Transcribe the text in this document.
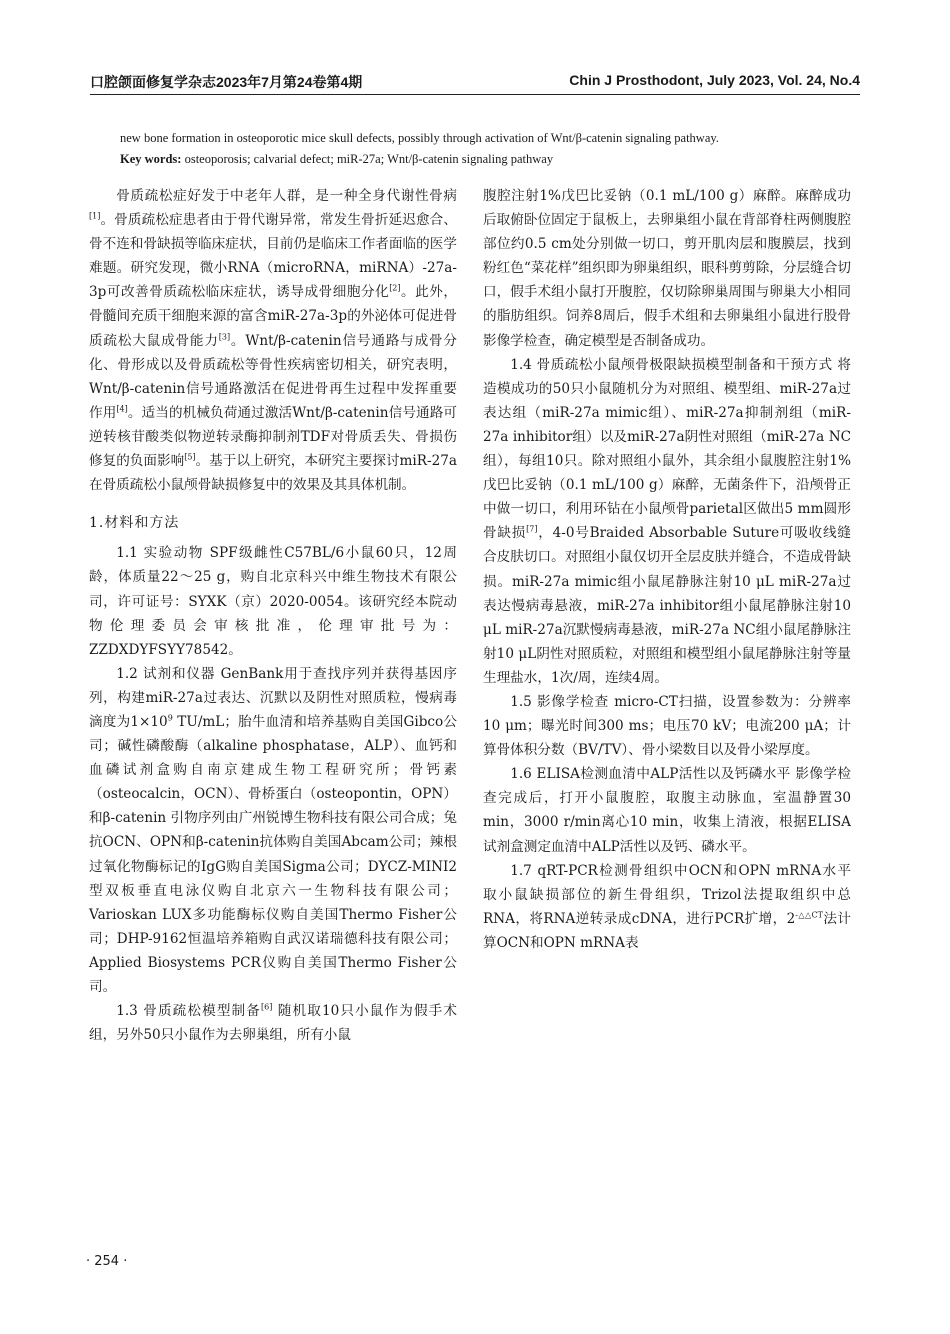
口腔颌面修复学杂志2023年7月第24卷第4期	Chin J Prosthodont, July 2023, Vol. 24, No.4

new bone formation in osteoporotic mice skull defects, possibly through activation of Wnt/β-catenin signaling pathway.

Key words: osteoporosis; calvarial defect; miR-27a; Wnt/β-catenin signaling pathway

骨质疏松症好发于中老年人群，是一种全身代谢性骨病[1]。骨质疏松症患者由于骨代谢异常，常发生骨折延迟愈合、骨不连和骨缺损等临床症状，目前仍是临床工作者面临的医学难题。研究发现，微小RNA（microRNA，miRNA）-27a-3p可改善骨质疏松临床症状，诱导成骨细胞分化[2]。此外，骨髓间充质干细胞来源的富含miR-27a-3p的外泌体可促进骨质疏松大鼠成骨能力[3]。Wnt/β-catenin信号通路与成骨分化、骨形成以及骨质疏松等骨性疾病密切相关，研究表明，Wnt/β-catenin信号通路激活在促进骨再生过程中发挥重要作用[4]。适当的机械负荷通过激活Wnt/β-catenin信号通路可逆转核苷酸类似物逆转录酶抑制剂TDF对骨质丢失、骨损伤修复的负面影响[5]。基于以上研究，本研究主要探讨miR-27a在骨质疏松小鼠颅骨缺损修复中的效果及其具体机制。

1.材料和方法

1.1 实验动物 SPF级雌性C57BL/6小鼠60只，12周龄，体质量22～25 g，购自北京科兴中维生物技术有限公司，许可证号：SYXK（京）2020-0054。该研究经本院动物伦理委员会审核批准，伦理审批号为：ZZDXDYFSYY78542。

1.2 试剂和仪器 GenBank用于查找序列并获得基因序列，构建miR-27a过表达、沉默以及阴性对照质粒，慢病毒滴度为$1\times 10^9$ TU/mL；胎牛血清和培养基购自美国Gibco公司；碱性磷酸酶（alkaline phosphatase，ALP）、血钙和血磷试剂盒购自南京建成生物工程研究所；骨钙素（osteocalcin，OCN）、骨桥蛋白（osteopontin，OPN）和β-catenin 引物序列由广州锐博生物科技有限公司合成；兔抗OCN、OPN和β-catenin抗体购自美国Abcam公司；辣根过氧化物酶标记的IgG购自美国Sigma公司；DYCZ-MINI2型双板垂直电泳仪购自北京六一生物科技有限公司；Varioskan LUX多功能酶标仪购自美国Thermo Fisher公司；DHP-9162恒温培养箱购自武汉诺瑞德科技有限公司；Applied Biosystems PCR仪购自美国Thermo Fisher公司。

1.3 骨质疏松模型制备[6] 随机取10只小鼠作为假手术组，另外50只小鼠作为去卵巢组，所有小鼠

腹腔注射1%戊巴比妥钠（0.1 mL/100 g）麻醉。麻醉成功后取俯卧位固定于鼠板上，去卵巢组小鼠在背部脊柱两侧腹腔部位约0.5 cm处分别做一切口，剪开肌肉层和腹膜层，找到粉红色“菜花样”组织即为卵巢组织，眼科剪剪除，分层缝合切口，假手术组小鼠打开腹腔，仅切除卵巢周围与卵巢大小相同的脂肪组织。饲养8周后，假手术组和去卵巢组小鼠进行股骨影像学检查，确定模型是否制备成功。

1.4 骨质疏松小鼠颅骨极限缺损模型制备和干预方式 将造模成功的50只小鼠随机分为对照组、模型组、miR-27a过表达组（miR-27a mimic组）、miR-27a抑制剂组（miR-27a inhibitor组）以及miR-27a阴性对照组（miR-27a NC组），每组10只。除对照组小鼠外，其余组小鼠腹腔注射1%戊巴比妥钠（0.1 mL/100 g）麻醉，无菌条件下，沿颅骨正中做一切口，利用环钻在小鼠颅骨parietal区做出5 mm圆形骨缺损[7]，4-0号Braided Absorbable Suture可吸收线缝合皮肤切口。对照组小鼠仅切开全层皮肤并缝合，不造成骨缺损。miR-27a mimic组小鼠尾静脉注射10 μL miR-27a过表达慢病毒悬液，miR-27a inhibitor组小鼠尾静脉注射10 μL miR-27a沉默慢病毒悬液，miR-27a NC组小鼠尾静脉注射10 μL阴性对照质粒，对照组和模型组小鼠尾静脉注射等量生理盐水，1次/周，连续4周。

1.5 影像学检查 micro-CT扫描，设置参数为：分辨率10 μm；曝光时间300 ms；电压70 kV；电流200 μA；计算骨体积分数（BV/TV）、骨小梁数目以及骨小梁厚度。

1.6 ELISA检测血清中ALP活性以及钙磷水平 影像学检查完成后，打开小鼠腹腔，取腹主动脉血，室温静置30 min，3000 r/min离心10 min，收集上清液，根据ELISA试剂盒测定血清中ALP活性以及钙、磷水平。

1.7 qRT-PCR检测骨组织中OCN和OPN mRNA水平 取小鼠缺损部位的新生骨组织，Trizol法提取组织中总RNA，将RNA逆转录成cDNA，进行PCR扩增，$2^{-\triangle\triangle CT}$法计算OCN和OPN mRNA表

· 254 ·
